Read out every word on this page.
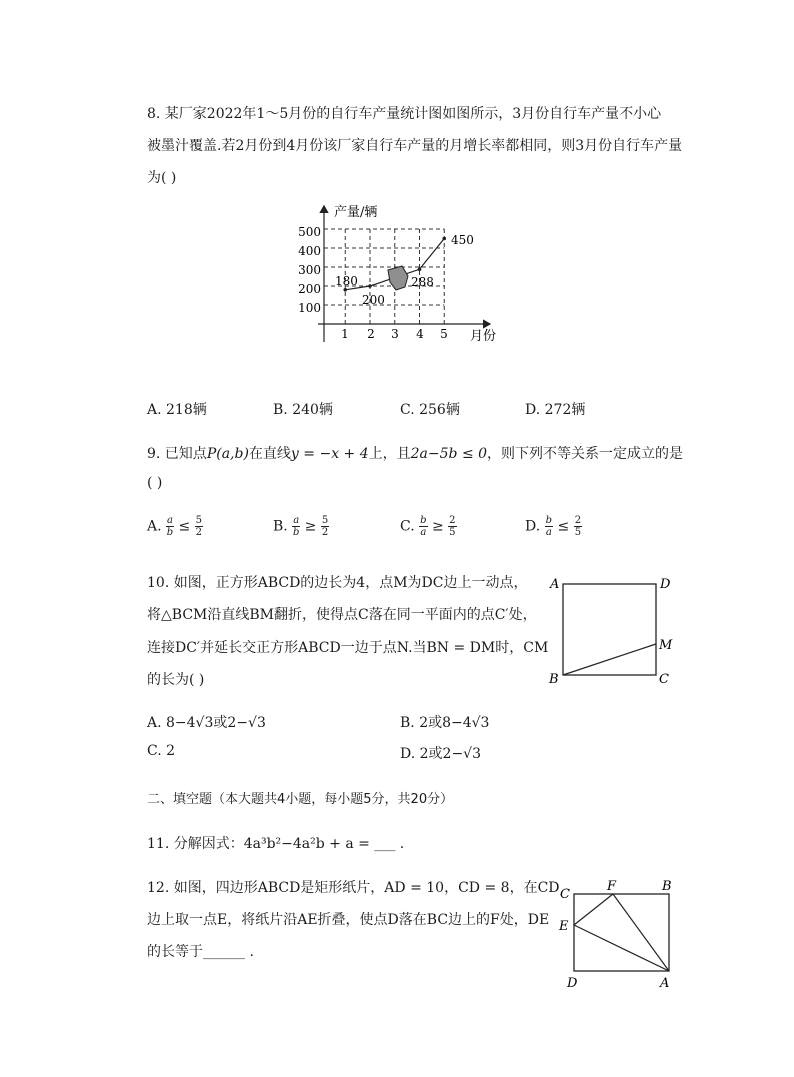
8. 某厂家2022年1～5月份的自行车产量统计图如图所示，3月份自行车产量不小心
被墨汁覆盖.若2月份到4月份该厂家自行车产量的月增长率都相同，则3月份自行车产量
为( )
产量/辆
月份
100
200
300
400
500
1 2 3 4 5
180
200
288
450
A. 218辆	B. 240辆	C. 256辆	D. 272辆
9. 已知点P(a,b)在直线y = −x + 4上，且2a−5b ≤ 0，则下列不等关系一定成立的是
( )
A. $\frac{a}{b} \le \frac{5}{2}$	B. $\frac{a}{b} \ge \frac{5}{2}$	C. $\frac{b}{a} \ge \frac{2}{5}$	D. $\frac{b}{a} \le \frac{2}{5}$
10. 如图，正方形ABCD的边长为4，点M为DC边上一动点，
将△BCM沿直线BM翻折，使得点C落在同一平面内的点C′处，
连接DC′并延长交正方形ABCD一边于点N.当BN = DM时，CM
的长为( )
A	D
M
B	C
A. 8−4√3或2−√3	B. 2或8−4√3
C. 2	D. 2或2−√3
二、填空题（本大题共4小题，每小题5分，共20分）
11. 分解因式：4a³b²−4a²b + a = ___ .
12. 如图，四边形ABCD是矩形纸片，AD = 10，CD = 8，在CD
边上取一点E，将纸片沿AE折叠，使点D落在BC边上的F处，DE
的长等于______ .
C
F	B
E
D	A
